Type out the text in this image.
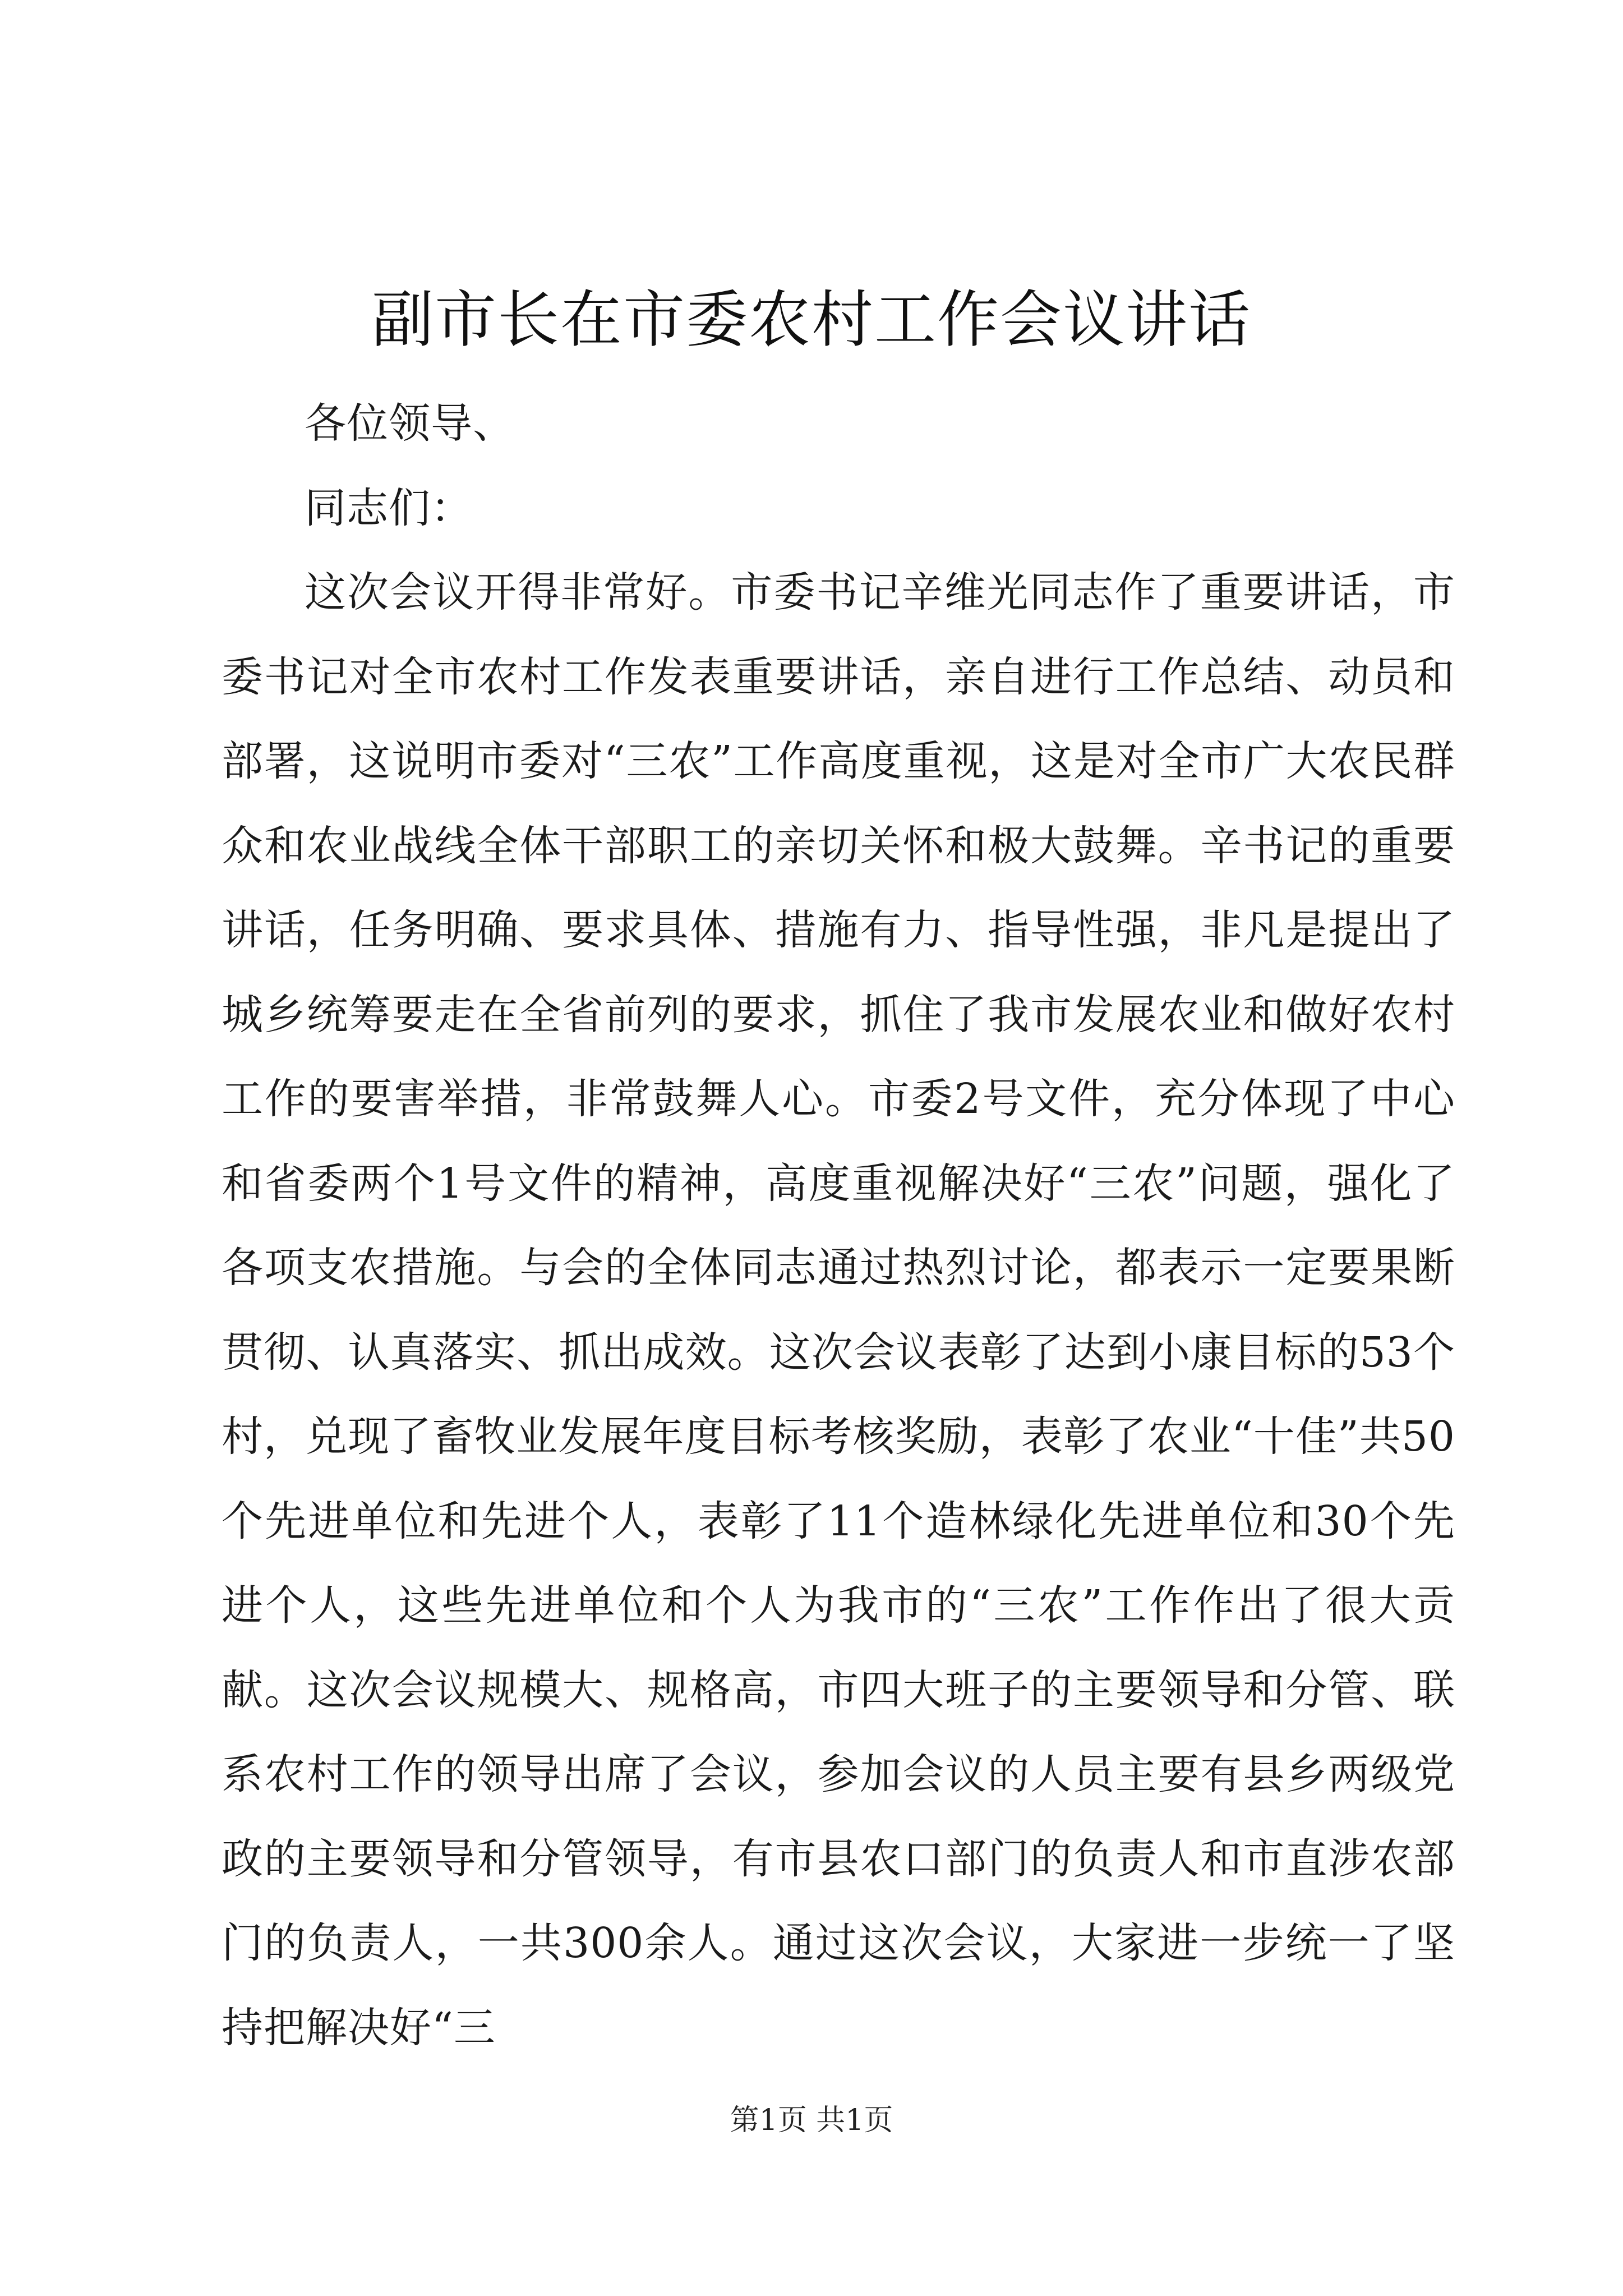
副市长在市委农村工作会议讲话

各位领导、

同志们：

这次会议开得非常好。市委书记辛维光同志作了重要讲话，市委书记对全市农村工作发表重要讲话，亲自进行工作总结、动员和部署，这说明市委对“三农”工作高度重视，这是对全市广大农民群众和农业战线全体干部职工的亲切关怀和极大鼓舞。辛书记的重要讲话，任务明确、要求具体、措施有力、指导性强，非凡是提出了城乡统筹要走在全省前列的要求，抓住了我市发展农业和做好农村工作的要害举措，非常鼓舞人心。市委2号文件，充分体现了中心和省委两个1号文件的精神，高度重视解决好“三农”问题，强化了各项支农措施。与会的全体同志通过热烈讨论，都表示一定要果断贯彻、认真落实、抓出成效。这次会议表彰了达到小康目标的53个村，兑现了畜牧业发展年度目标考核奖励，表彰了农业“十佳”共50个先进单位和先进个人，表彰了11个造林绿化先进单位和30个先进个人，这些先进单位和个人为我市的“三农”工作作出了很大贡献。这次会议规模大、规格高，市四大班子的主要领导和分管、联系农村工作的领导出席了会议，参加会议的人员主要有县乡两级党政的主要领导和分管领导，有市县农口部门的负责人和市直涉农部门的负责人，一共300余人。通过这次会议，大家进一步统一了坚持把解决好“三

第1页 共1页
